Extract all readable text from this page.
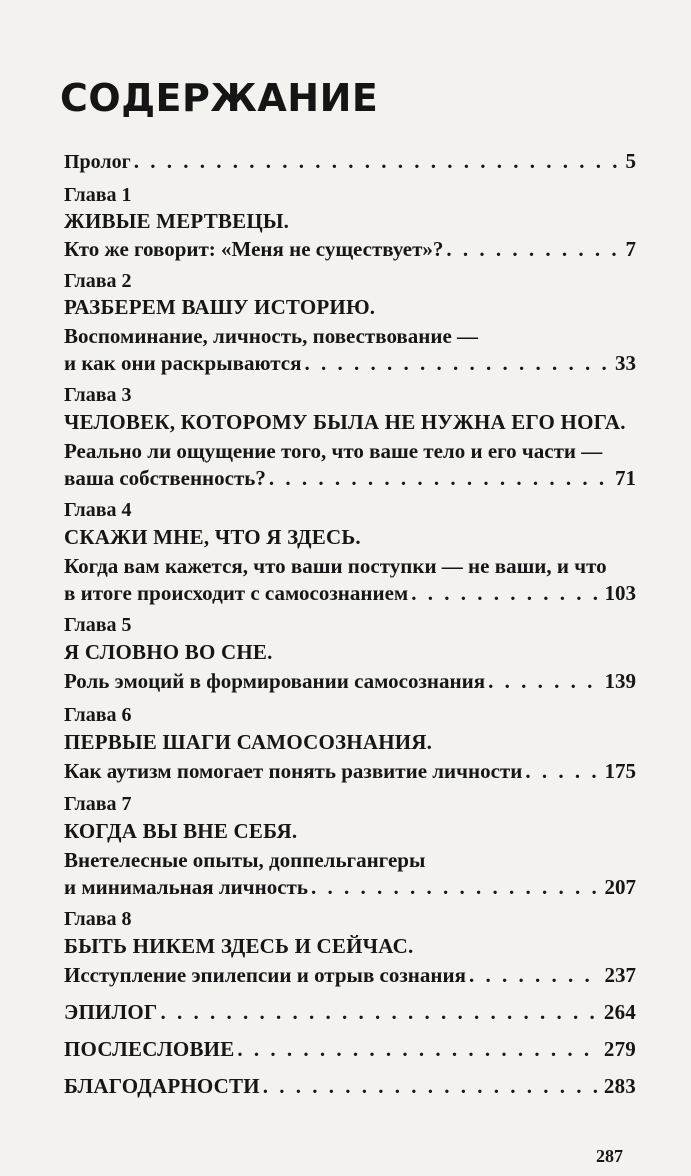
СОДЕРЖАНИЕ
Пролог . . .	5
Глава 1
ЖИВЫЕ МЕРТВЕЦЫ.
Кто же говорит: «Меня не существует»? . . .	7
Глава 2
РАЗБЕРЕМ ВАШУ ИСТОРИЮ.
Воспоминание, личность, повествование —
и как они раскрываются . . .	33
Глава 3
ЧЕЛОВЕК, КОТОРОМУ БЫЛА НЕ НУЖНА ЕГО НОГА.
Реально ли ощущение того, что ваше тело и его части —
ваша собственность? . . .	71
Глава 4
СКАЖИ МНЕ, ЧТО Я ЗДЕСЬ.
Когда вам кажется, что ваши поступки — не ваши, и что
в итоге происходит с самосознанием . . .	103
Глава 5
Я СЛОВНО ВО СНЕ.
Роль эмоций в формировании самосознания . . .	139
Глава 6
ПЕРВЫЕ ШАГИ САМОСОЗНАНИЯ.
Как аутизм помогает понять развитие личности . . .	175
Глава 7
КОГДА ВЫ ВНЕ СЕБЯ.
Внетелесные опыты, доппельгангеры
и минимальная личность . . .	207
Глава 8
БЫТЬ НИКЕМ ЗДЕСЬ И СЕЙЧАС.
Исступление эпилепсии и отрыв сознания . . .	237
ЭПИЛОГ . . .	264
ПОСЛЕСЛОВИЕ . . .	279
БЛАГОДАРНОСТИ . . .	283
287
